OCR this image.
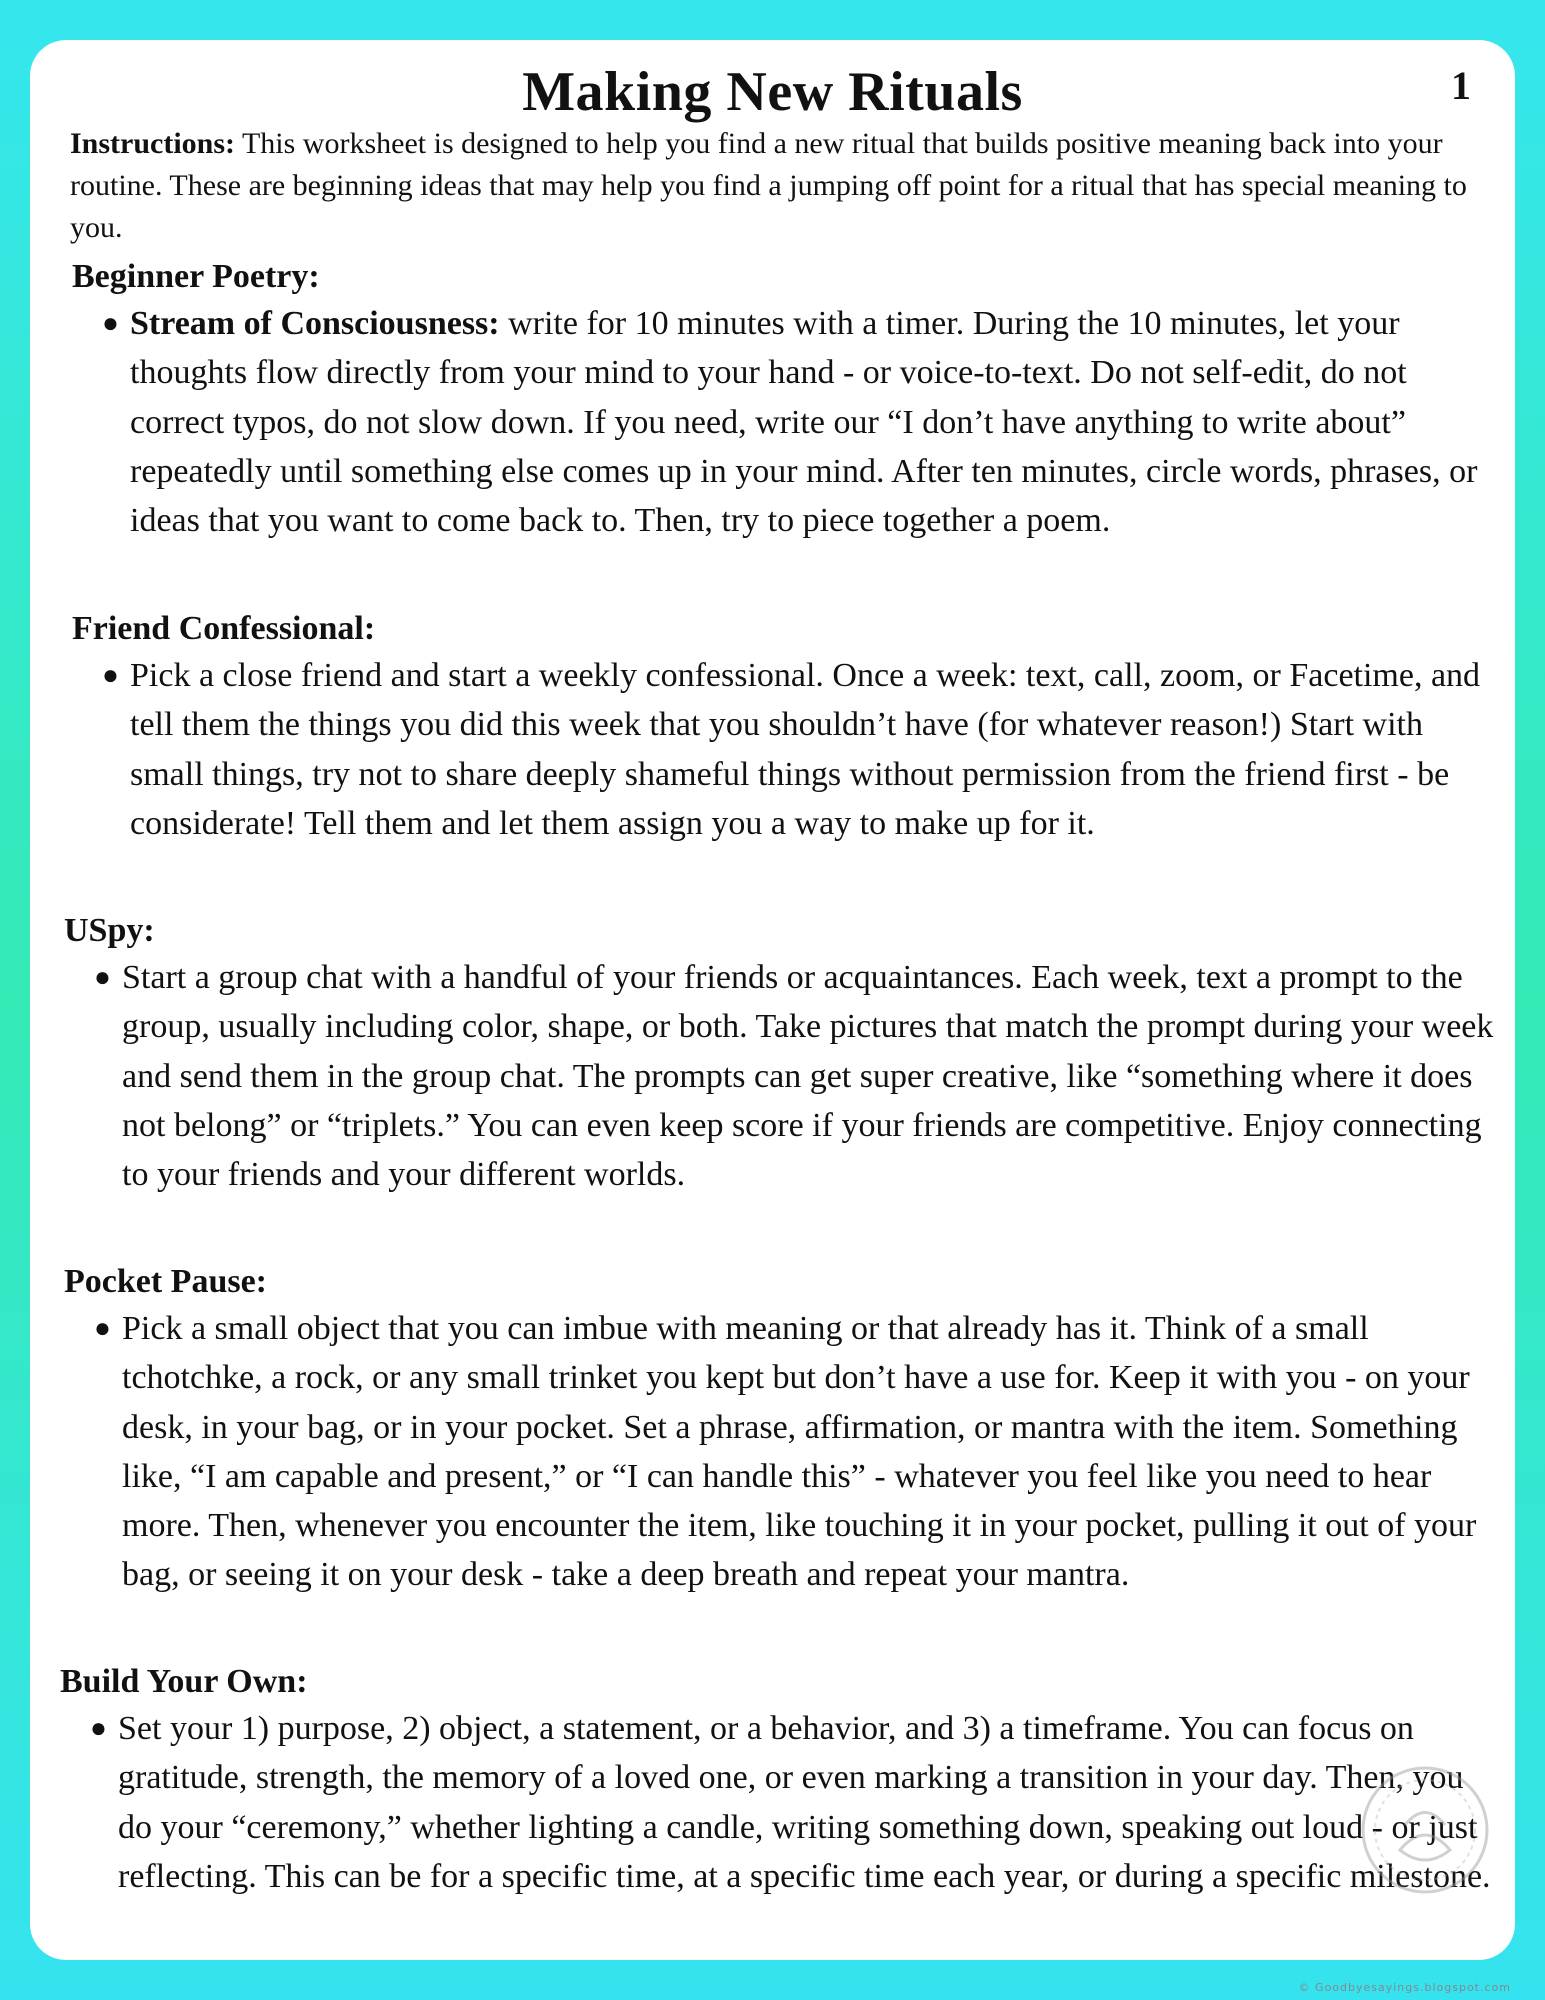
Making New Rituals	1

Instructions: This worksheet is designed to help you find a new ritual that builds positive meaning back into your routine. These are beginning ideas that may help you find a jumping off point for a ritual that has special meaning to you.

Beginner Poetry:
● Stream of Consciousness: write for 10 minutes with a timer. During the 10 minutes, let your thoughts flow directly from your mind to your hand - or voice-to-text. Do not self-edit, do not correct typos, do not slow down. If you need, write our “I don’t have anything to write about” repeatedly until something else comes up in your mind. After ten minutes, circle words, phrases, or ideas that you want to come back to. Then, try to piece together a poem.
Friend Confessional:
● Pick a close friend and start a weekly confessional. Once a week: text, call, zoom, or Facetime, and tell them the things you did this week that you shouldn’t have (for whatever reason!) Start with small things, try not to share deeply shameful things without permission from the friend first - be considerate! Tell them and let them assign you a way to make up for it.
USpy:
● Start a group chat with a handful of your friends or acquaintances. Each week, text a prompt to the group, usually including color, shape, or both. Take pictures that match the prompt during your week and send them in the group chat. The prompts can get super creative, like “something where it does not belong” or “triplets.” You can even keep score if your friends are competitive. Enjoy connecting to your friends and your different worlds.
Pocket Pause:
● Pick a small object that you can imbue with meaning or that already has it. Think of a small tchotchke, a rock, or any small trinket you kept but don’t have a use for. Keep it with you - on your desk, in your bag, or in your pocket. Set a phrase, affirmation, or mantra with the item. Something like, “I am capable and present,” or “I can handle this” - whatever you feel like you need to hear more. Then, whenever you encounter the item, like touching it in your pocket, pulling it out of your bag, or seeing it on your desk - take a deep breath and repeat your mantra.
Build Your Own:
● Set your 1) purpose, 2) object, a statement, or a behavior, and 3) a timeframe. You can focus on gratitude, strength, the memory of a loved one, or even marking a transition in your day. Then, you do your “ceremony,” whether lighting a candle, writing something down, speaking out loud - or just reflecting. This can be for a specific time, at a specific time each year, or during a specific milestone.
© Goodbyesayings.blogspot.com
